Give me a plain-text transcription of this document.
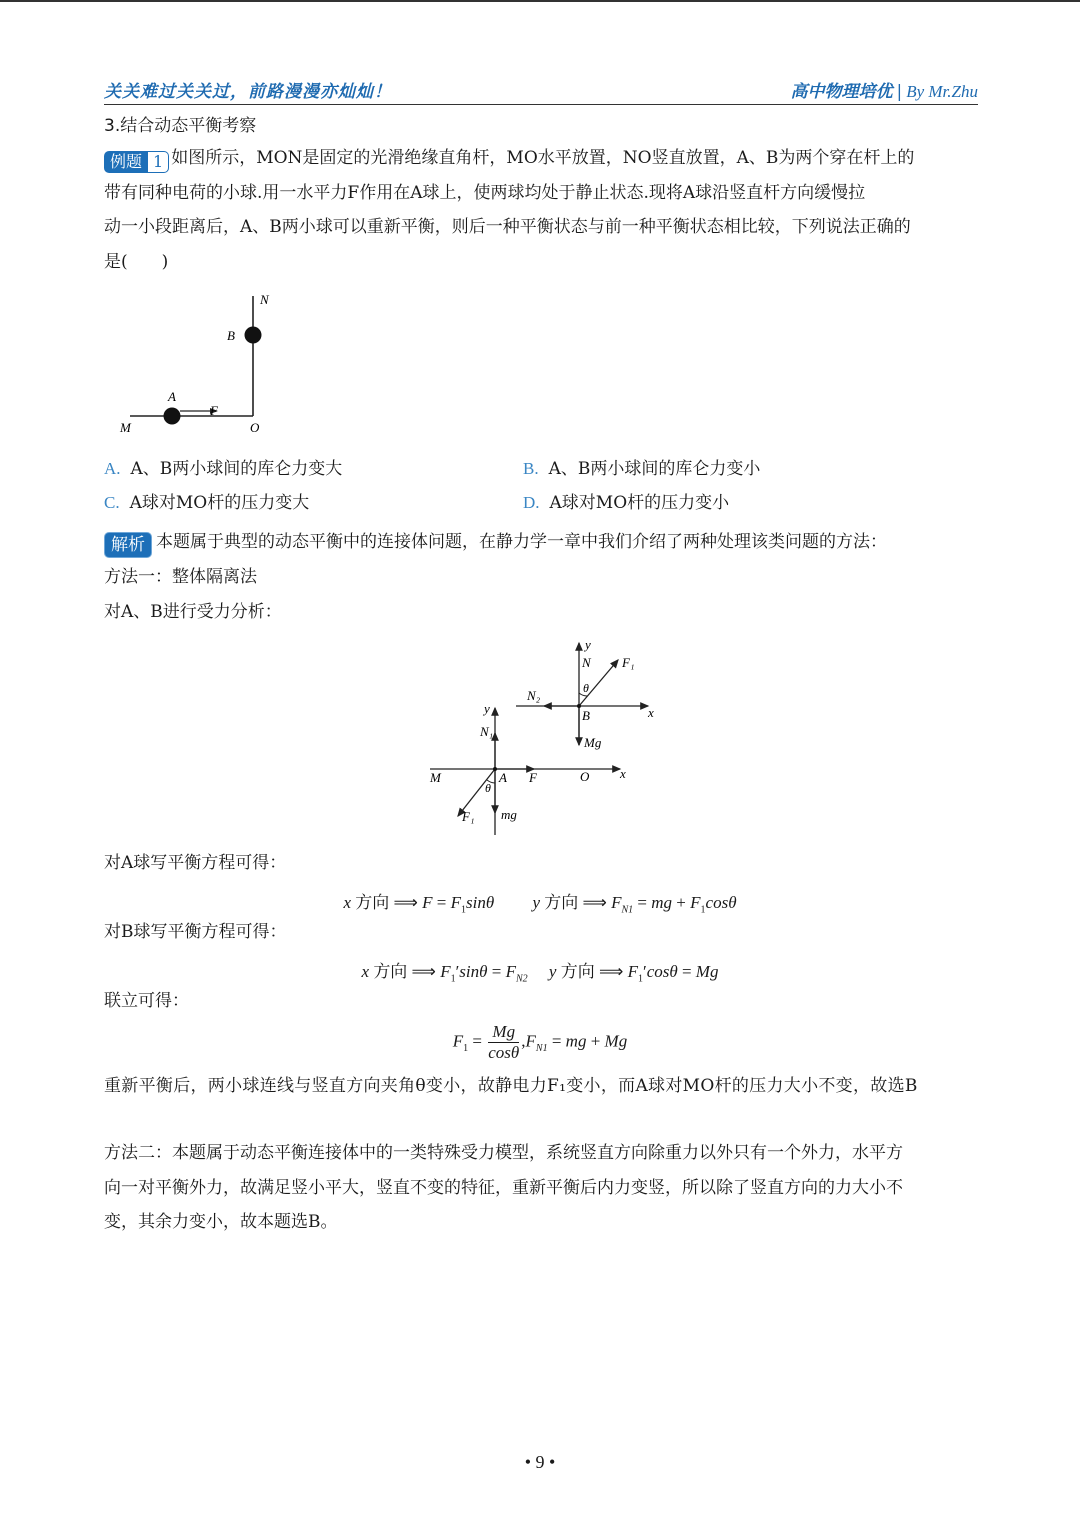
关关难过关关过，前路漫漫亦灿灿！	高中物理培优 | By Mr.Zhu
3.结合动态平衡考察
例题 1 如图所示，MON是固定的光滑绝缘直角杆，MO水平放置，NO竖直放置，A、B为两个穿在杆上的
带有同种电荷的小球.用一水平力F作用在A球上，使两球均处于静止状态.现将A球沿竖直杆方向缓慢拉
动一小段距离后，A、B两小球可以重新平衡，则后一种平衡状态与前一种平衡状态相比较，下列说法正确的
是(　　)
N
B
A
F
M	O
A. A、B两小球间的库仑力变大	B. A、B两小球间的库仑力变小
C. A球对MO杆的压力变大	D. A球对MO杆的压力变小
解析 本题属于典型的动态平衡中的连接体问题，在静力学一章中我们介绍了两种处理该类问题的方法：
方法一：整体隔离法
对A、B进行受力分析：
y
N F₁
θ
N₂
B	x
Mg
y
N₁
M	A F	O x
θ
F₁ mg
对A球写平衡方程可得：
x 方向 ⟹ $F = F_1\sin\theta$　　 y 方向 ⟹ $F_{N1}$ = mg + $F_1\cos\theta$
对B球写平衡方程可得：
x 方向 ⟹ $F_1'\sin\theta = F_{N2}$　 y 方向 ⟹ $F_1'\cos\theta = Mg$
联立可得：
$F_1 = \frac{Mg}{\cos\theta} ,F_{N1}$ = mg + Mg
重新平衡后，两小球连线与竖直方向夹角θ变小，故静电力F₁变小，而A球对MO杆的压力大小不变，故选B
方法二：本题属于动态平衡连接体中的一类特殊受力模型，系统竖直方向除重力以外只有一个外力，水平方
向一对平衡外力，故满足竖小平大，竖直不变的特征，重新平衡后内力变竖，所以除了竖直方向的力大小不
变，其余力变小，故本题选B。
• 9 •
